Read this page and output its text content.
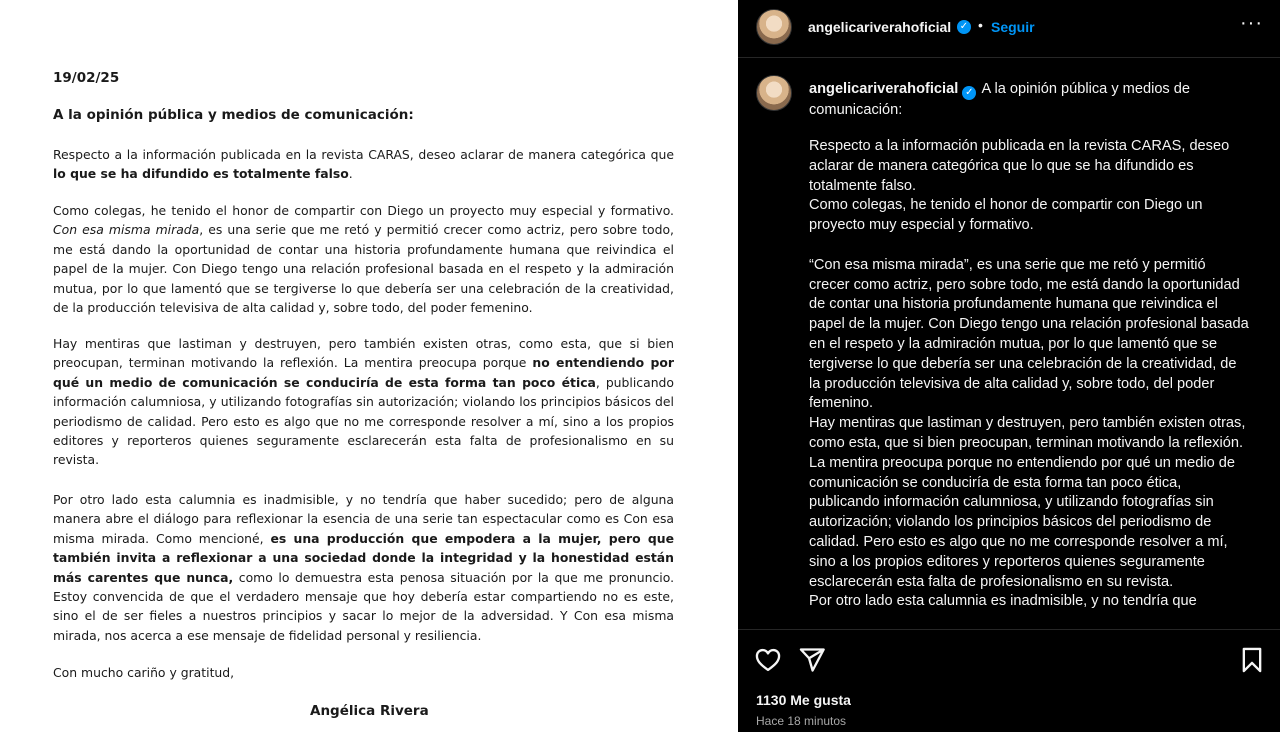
19/02/25
A la opinión pública y medios de comunicación:
Respecto a la información publicada en la revista CARAS, deseo aclarar de manera categórica que lo que se ha difundido es totalmente falso.
Como colegas, he tenido el honor de compartir con Diego un proyecto muy especial y formativo. Con esa misma mirada, es una serie que me retó y permitió crecer como actriz, pero sobre todo, me está dando la oportunidad de contar una historia profundamente humana que reivindica el papel de la mujer. Con Diego tengo una relación profesional basada en el respeto y la admiración mutua, por lo que lamentó que se tergiverse lo que debería ser una celebración de la creatividad, de la producción televisiva de alta calidad y, sobre todo, del poder femenino.
Hay mentiras que lastiman y destruyen, pero también existen otras, como esta, que si bien preocupan, terminan motivando la reflexión. La mentira preocupa porque no entendiendo por qué un medio de comunicación se conduciría de esta forma tan poco ética, publicando información calumniosa, y utilizando fotografías sin autorización; violando los principios básicos del periodismo de calidad. Pero esto es algo que no me corresponde resolver a mí, sino a los propios editores y reporteros quienes seguramente esclarecerán esta falta de profesionalismo en su revista.
Por otro lado esta calumnia es inadmisible, y no tendría que haber sucedido; pero de alguna manera abre el diálogo para reflexionar la esencia de una serie tan espectacular como es Con esa misma mirada. Como mencioné, es una producción que empodera a la mujer, pero que también invita a reflexionar a una sociedad donde la integridad y la honestidad están más carentes que nunca, como lo demuestra esta penosa situación por la que me pronuncio. Estoy convencida de que el verdadero mensaje que hoy debería estar compartiendo no es este, sino el de ser fieles a nuestros principios y sacar lo mejor de la adversidad. Y Con esa misma mirada, nos acerca a ese mensaje de fidelidad personal y resiliencia.
Con mucho cariño y gratitud,
Angélica Rivera
angelicariverahoficial ✓ • Seguir	···
angelicariverahoficial ✓ A la opinión pública y medios de comunicación:
Respecto a la información publicada en la revista CARAS, deseo aclarar de manera categórica que lo que se ha difundido es totalmente falso.
Como colegas, he tenido el honor de compartir con Diego un proyecto muy especial y formativo.

“Con esa misma mirada”, es una serie que me retó y permitió crecer como actriz, pero sobre todo, me está dando la oportunidad de contar una historia profundamente humana que reivindica el papel de la mujer. Con Diego tengo una relación profesional basada en el respeto y la admiración mutua, por lo que lamentó que se tergiverse lo que debería ser una celebración de la creatividad, de la producción televisiva de alta calidad y, sobre todo, del poder femenino.
Hay mentiras que lastiman y destruyen, pero también existen otras, como esta, que si bien preocupan, terminan motivando la reflexión.
La mentira preocupa porque no entendiendo por qué un medio de comunicación se conduciría de esta forma tan poco ética, publicando información calumniosa, y utilizando fotografías sin autorización; violando los principios básicos del periodismo de calidad. Pero esto es algo que no me corresponde resolver a mí, sino a los propios editores y reporteros quienes seguramente esclarecerán esta falta de profesionalismo en su revista.
Por otro lado esta calumnia es inadmisible, y no tendría que
1130 Me gusta
Hace 18 minutos
